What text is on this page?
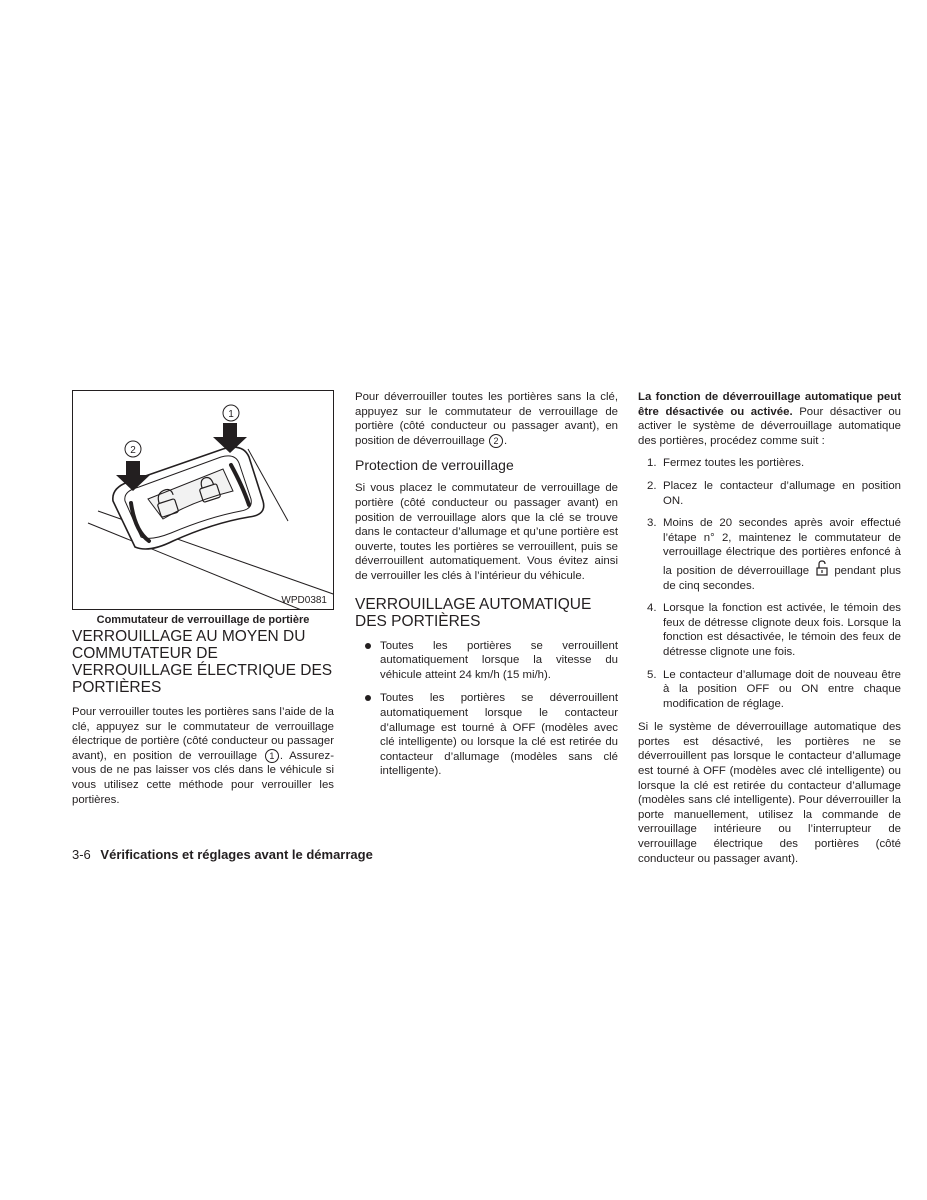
1
2
WPD0381
Commutateur de verrouillage de portière
VERROUILLAGE AU MOYEN DU COMMUTATEUR DE VERROUILLAGE ÉLECTRIQUE DES PORTIÈRES

Pour verrouiller toutes les portières sans l’aide de la clé, appuyez sur le commutateur de verrouillage électrique de portière (côté conducteur ou passager avant), en position de verrouillage 1 . Assurez-vous de ne pas laisser vos clés dans le véhicule si vous utilisez cette méthode pour verrouiller les portières.

Pour déverrouiller toutes les portières sans la clé, appuyez sur le commutateur de verrouillage de portière (côté conducteur ou passager avant), en position de déverrouillage 2 .

Protection de verrouillage

Si vous placez le commutateur de verrouillage de portière (côté conducteur ou passager avant) en position de verrouillage alors que la clé se trouve dans le contacteur d’allumage et qu’une portière est ouverte, toutes les portières se verrouillent, puis se déverrouillent automatiquement. Vous évitez ainsi de verrouiller les clés à l’intérieur du véhicule.

VERROUILLAGE AUTOMATIQUE DES PORTIÈRES
Toutes les portières se verrouillent automatiquement lorsque la vitesse du véhicule atteint 24 km/h (15 mi/h).
Toutes les portières se déverrouillent automatiquement lorsque le contacteur d’allumage est tourné à OFF (modèles avec clé intelligente) ou lorsque la clé est retirée du contacteur d’allumage (modèles sans clé intelligente).

La fonction de déverrouillage automatique peut être désactivée ou activée. Pour désactiver ou activer le système de déverrouillage automatique des portières, procédez comme suit :

1. Fermez toutes les portières.
2. Placez le contacteur d’allumage en position ON.
3. Moins de 20 secondes après avoir effectué l’étape n° 2, maintenez le commutateur de verrouillage électrique des portières enfoncé à la position de déverrouillage pendant plus de cinq secondes.
4. Lorsque la fonction est activée, le témoin des feux de détresse clignote deux fois. Lorsque la fonction est désactivée, le témoin des feux de détresse clignote une fois.
5. Le contacteur d’allumage doit de nouveau être à la position OFF ou ON entre chaque modification de réglage.

Si le système de déverrouillage automatique des portes est désactivé, les portières ne se déverrouillent pas lorsque le contacteur d’allumage est tourné à OFF (modèles avec clé intelligente) ou lorsque la clé est retirée du contacteur d’allumage (modèles sans clé intelligente). Pour déverrouiller la porte manuellement, utilisez la commande de verrouillage intérieure ou l’interrupteur de verrouillage électrique des portières (côté conducteur ou passager avant).

3-6 Vérifications et réglages avant le démarrage
